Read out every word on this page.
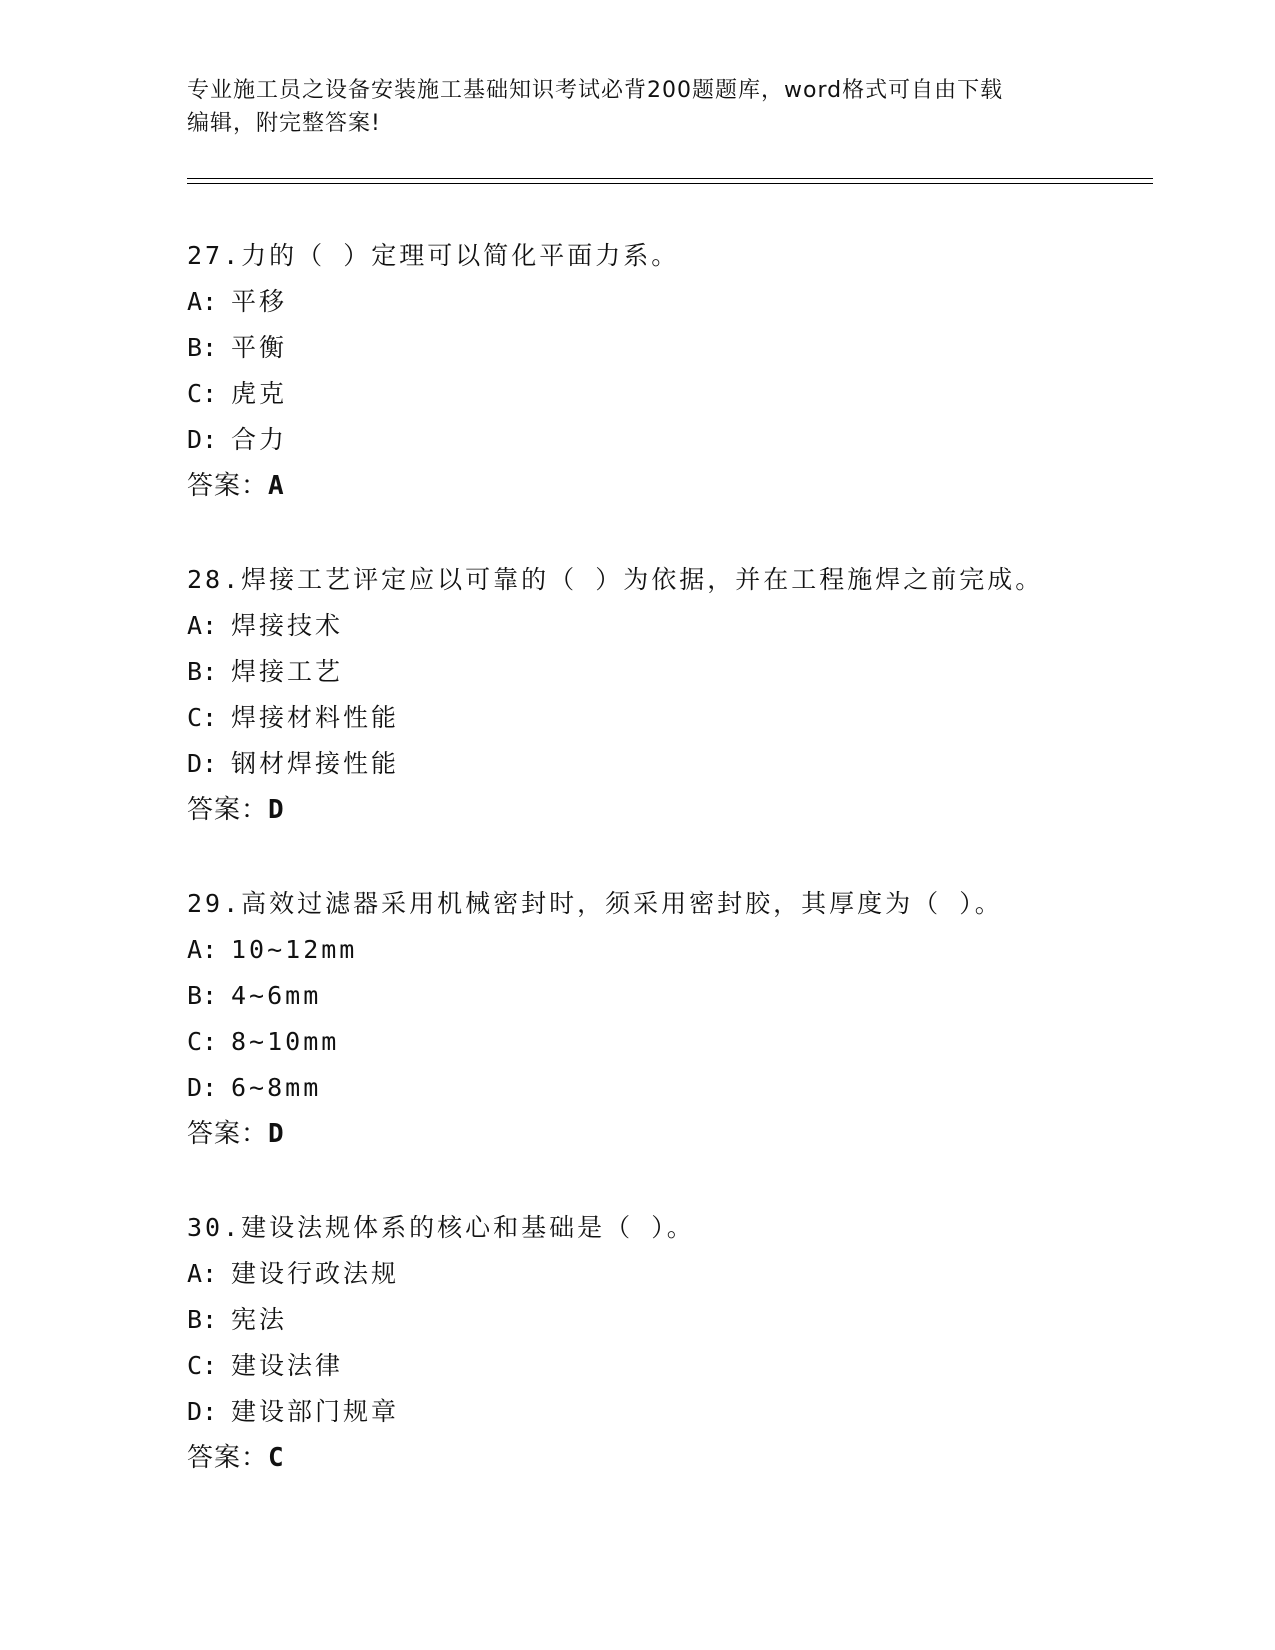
专业施工员之设备安装施工基础知识考试必背200题题库，word格式可自由下载
编辑，附完整答案!
27.力的（ ）定理可以简化平面力系。
A: 平移
B: 平衡
C: 虎克
D: 合力
答案：A
28.焊接工艺评定应以可靠的（ ）为依据，并在工程施焊之前完成。
A: 焊接技术
B: 焊接工艺
C: 焊接材料性能
D: 钢材焊接性能
答案：D
29.高效过滤器采用机械密封时，须采用密封胶，其厚度为（ ）。
A: 10~12mm
B: 4~6mm
C: 8~10mm
D: 6~8mm
答案：D
30.建设法规体系的核心和基础是（ ）。
A: 建设行政法规
B: 宪法
C: 建设法律
D: 建设部门规章
答案：C
